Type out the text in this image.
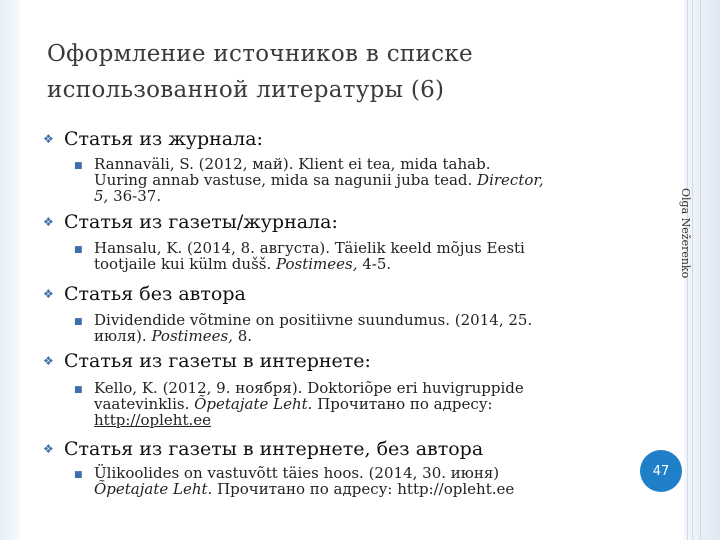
Оформление источников в списке
использованной литературы (6)
Olga Nežerenko
❖ Статья из журнала:
■ Rannaväli, S. (2012, май). Klient ei tea, mida tahab.
Uuring annab vastuse, mida sa nagunii juba tead. Director,
5, 36-37.
❖ Статья из газеты/журнала:
■ Hansalu, K. (2014, 8. августа). Täielik keeld mõjus Eesti
tootjaile kui külm dušš. Postimees, 4-5.
❖ Статья без автора
■ Dividendide võtmine on positiivne suundumus. (2014, 25.
июля). Postimees, 8.
❖ Статья из газеты в интернете:
■ Kello, K. (2012, 9. ноября). Doktoriõpe eri huvigruppide
vaatevinklis. Õpetajate Leht. Прочитано по адресу:
http://opleht.ee
❖ Статья из газеты в интернете, без автора
■ Ülikoolides on vastuvõtt täies hoos. (2014, 30. июня)
Õpetajate Leht. Прочитано по адресу: http://opleht.ee
47
